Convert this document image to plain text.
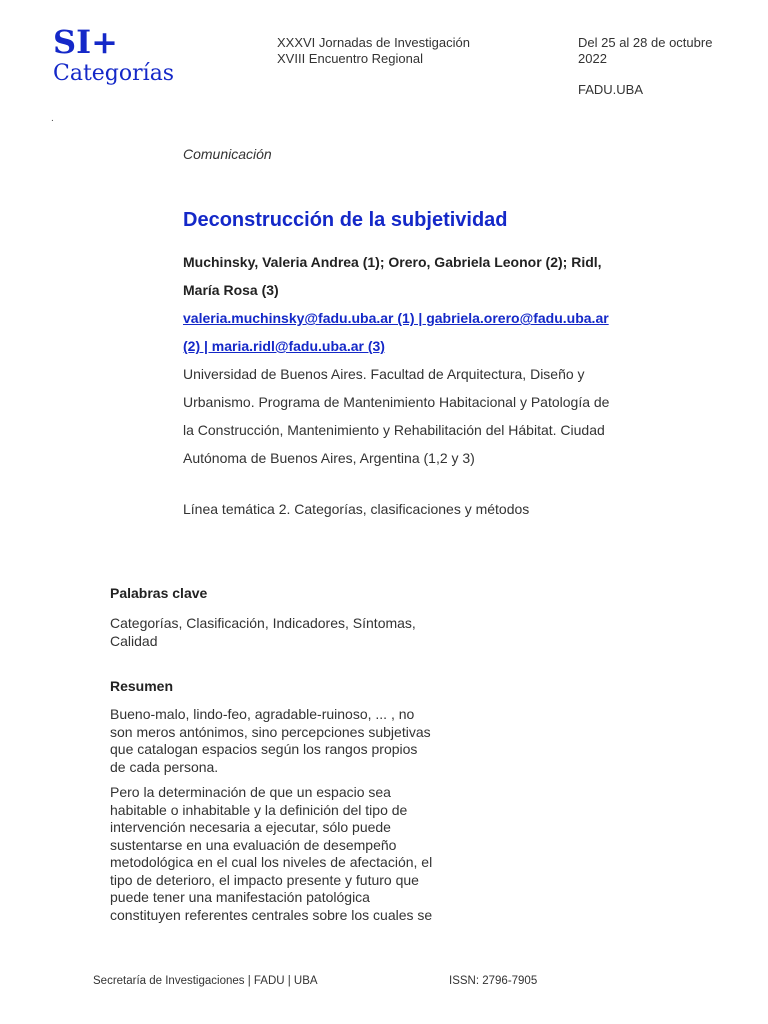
SI+
Categorías
XXXVI Jornadas de Investigación
XVIII Encuentro Regional
Del 25 al 28 de octubre
2022
FADU.UBA
.
Comunicación
Deconstrucción de la subjetividad
Muchinsky, Valeria Andrea (1); Orero, Gabriela Leonor (2); Ridl,
María Rosa (3)
valeria.muchinsky@fadu.uba.ar (1) | gabriela.orero@fadu.uba.ar
(2) | maria.ridl@fadu.uba.ar (3)
Universidad de Buenos Aires. Facultad de Arquitectura, Diseño y
Urbanismo. Programa de Mantenimiento Habitacional y Patología de
la Construcción, Mantenimiento y Rehabilitación del Hábitat. Ciudad
Autónoma de Buenos Aires, Argentina (1,2 y 3)
Línea temática 2. Categorías, clasificaciones y métodos
Palabras clave
Categorías, Clasificación, Indicadores, Síntomas,
Calidad
Resumen
Bueno-malo, lindo-feo, agradable-ruinoso, ... , no
son meros antónimos, sino percepciones subjetivas
que catalogan espacios según los rangos propios
de cada persona.
Pero la determinación de que un espacio sea
habitable o inhabitable y la definición del tipo de
intervención necesaria a ejecutar, sólo puede
sustentarse en una evaluación de desempeño
metodológica en el cual los niveles de afectación, el
tipo de deterioro, el impacto presente y futuro que
puede tener una manifestación patológica
constituyen referentes centrales sobre los cuales se
Secretaría de Investigaciones | FADU | UBA	ISSN: 2796-7905
